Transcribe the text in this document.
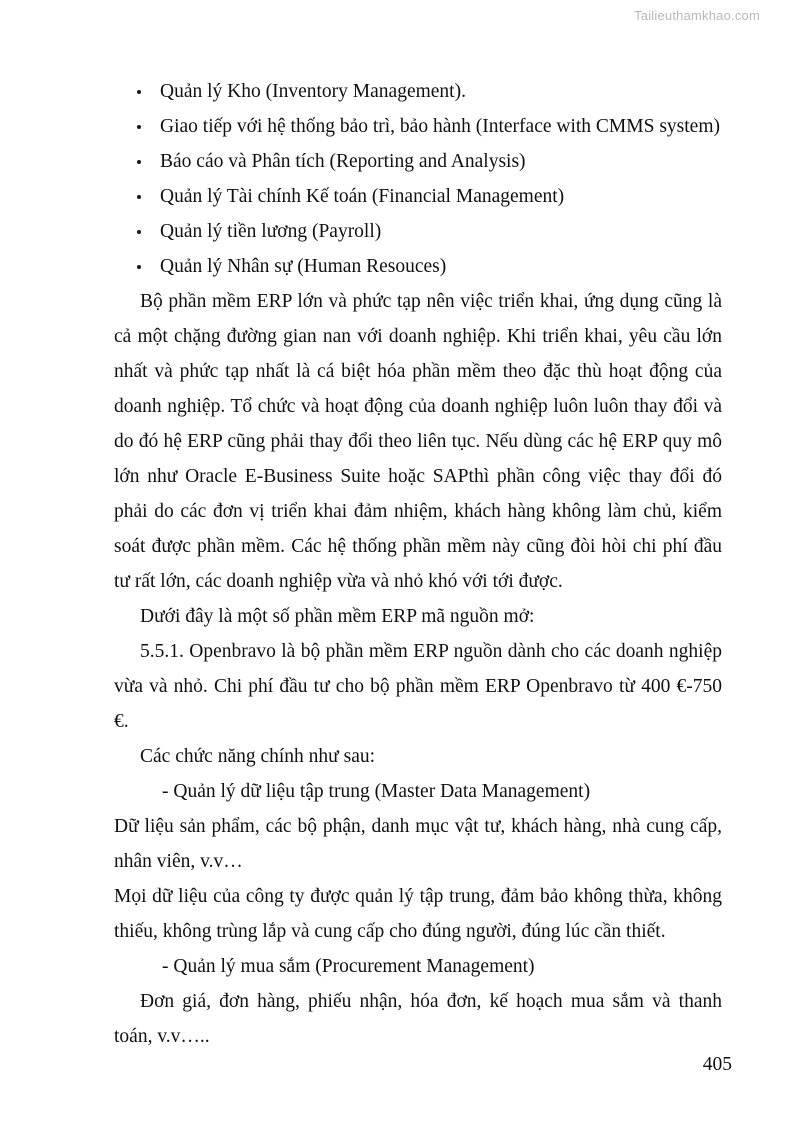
Tailieuthamkhao.com
Quản lý Kho (Inventory Management).
Giao tiếp với hệ thống bảo trì, bảo hành (Interface with CMMS system)
Báo cáo và Phân tích (Reporting and Analysis)
Quản lý Tài chính Kế toán (Financial Management)
Quản lý tiền lương (Payroll)
Quản lý Nhân sự (Human Resouces)

Bộ phần mềm ERP lớn và phức tạp nên việc triển khai, ứng dụng cũng là cả một chặng đường gian nan với doanh nghiệp. Khi triển khai, yêu cầu lớn nhất và phức tạp nhất là cá biệt hóa phần mềm theo đặc thù hoạt động của doanh nghiệp. Tổ chức và hoạt động của doanh nghiệp luôn luôn thay đổi và do đó hệ ERP cũng phải thay đổi theo liên tục. Nếu dùng các hệ ERP quy mô lớn như Oracle E-Business Suite hoặc SAPthì phần công việc thay đổi đó phải do các đơn vị triển khai đảm nhiệm, khách hàng không làm chủ, kiểm soát được phần mềm. Các hệ thống phần mềm này cũng đòi hòi chi phí đầu tư rất lớn, các doanh nghiệp vừa và nhỏ khó với tới được.

Dưới đây là một số phần mềm ERP mã nguồn mở:

5.5.1. Openbravo là bộ phần mềm ERP nguồn dành cho các doanh nghiệp vừa và nhỏ. Chi phí đầu tư cho bộ phần mềm ERP Openbravo từ 400 €-750 €.

Các chức năng chính như sau:

- Quản lý dữ liệu tập trung (Master Data Management)

Dữ liệu sản phẩm, các bộ phận, danh mục vật tư, khách hàng, nhà cung cấp, nhân viên, v.v…

Mọi dữ liệu của công ty được quản lý tập trung, đảm bảo không thừa, không thiếu, không trùng lắp và cung cấp cho đúng người, đúng lúc cần thiết.

- Quản lý mua sắm (Procurement Management)

Đơn giá, đơn hàng, phiếu nhận, hóa đơn, kế hoạch mua sắm và thanh toán, v.v…..

405
